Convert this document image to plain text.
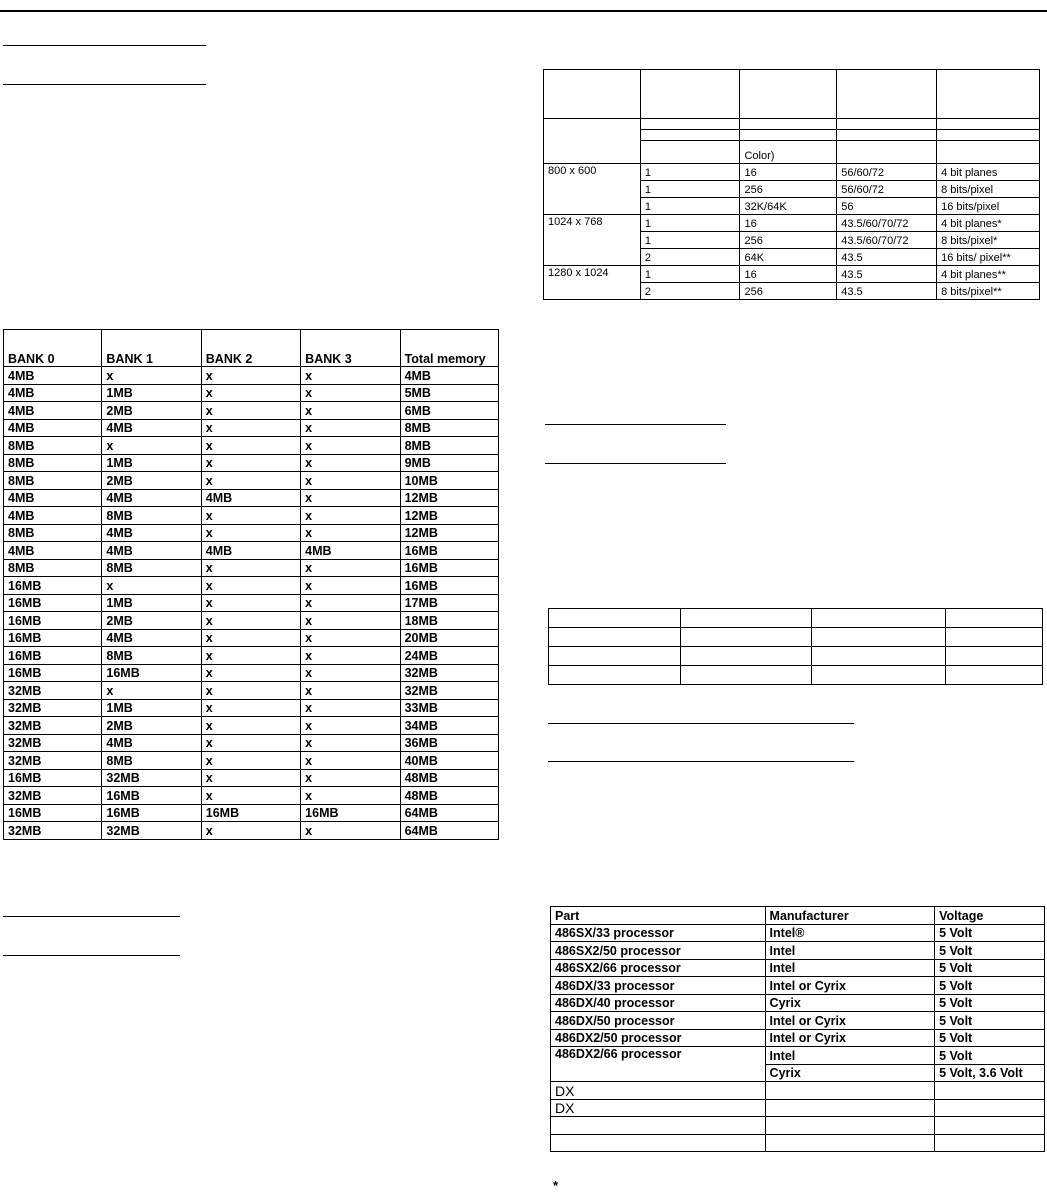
BANK 0	BANK 1	BANK 2	BANK 3	Total memory
4MB	x	x	x	4MB
4MB	1MB	x	x	5MB
4MB	2MB	x	x	6MB
4MB	4MB	x	x	8MB
8MB	x	x	x	8MB
8MB	1MB	x	x	9MB
8MB	2MB	x	x	10MB
4MB	4MB	4MB	x	12MB
4MB	8MB	x	x	12MB
8MB	4MB	x	x	12MB
4MB	4MB	4MB	4MB	16MB
8MB	8MB	x	x	16MB
16MB	x	x	x	16MB
16MB	1MB	x	x	17MB
16MB	2MB	x	x	18MB
16MB	4MB	x	x	20MB
16MB	8MB	x	x	24MB
16MB	16MB	x	x	32MB
32MB	x	x	x	32MB
32MB	1MB	x	x	33MB
32MB	2MB	x	x	34MB
32MB	4MB	x	x	36MB
32MB	8MB	x	x	40MB
16MB	32MB	x	x	48MB
32MB	16MB	x	x	48MB
16MB	16MB	16MB	16MB	64MB
32MB	32MB	x	x	64MB

		Color)		
800 x 600	1	16	56/60/72	4 bit planes
	1	256	56/60/72	8 bits/pixel
	1	32K/64K	56	16 bits/pixel
1024 x 768	1	16	43.5/60/70/72	4 bit planes*
	1	256	43.5/60/70/72	8 bits/pixel*
	2	64K	43.5	16 bits/ pixel**
1280 x 1024	1	16	43.5	4 bit planes**
	2	256	43.5	8 bits/pixel**

Part	Manufacturer	Voltage
486SX/33 processor	Intel®	5 Volt
486SX2/50 processor	Intel	5 Volt
486SX2/66 processor	Intel	5 Volt
486DX/33 processor	Intel or Cyrix	5 Volt
486DX/40 processor	Cyrix	5 Volt
486DX/50 processor	Intel or Cyrix	5 Volt
486DX2/50 processor	Intel or Cyrix	5 Volt
486DX2/66 processor	Intel	5 Volt
	Cyrix	5 Volt, 3.6 Volt
DX		
DX		

*
